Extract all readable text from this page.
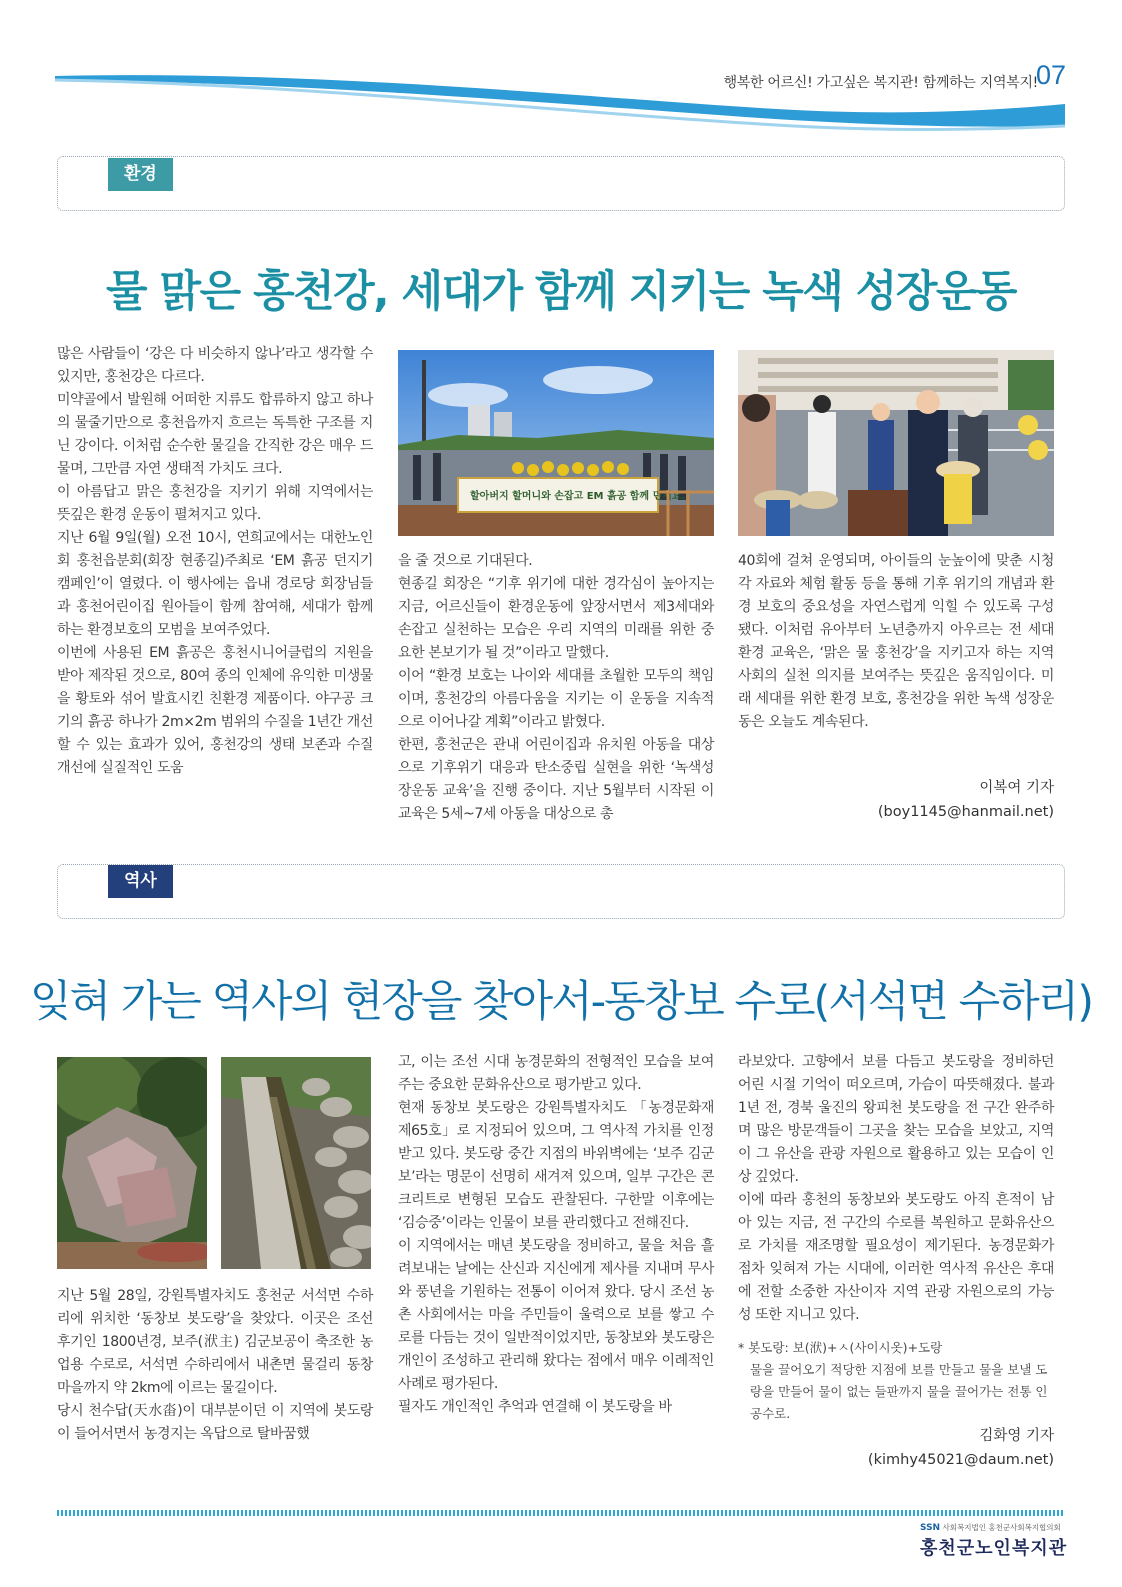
행복한 어르신! 가고싶은 복지관! 함께하는 지역복지!
07
환경
물 맑은 홍천강, 세대가 함께 지키는 녹색 성장운동

많은 사람들이 ‘강은 다 비슷하지 않나’라고 생각할 수 있지만, 홍천강은 다르다.

미약골에서 발원해 어떠한 지류도 합류하지 않고 하나의 물줄기만으로 홍천읍까지 흐르는 독특한 구조를 지닌 강이다. 이처럼 순수한 물길을 간직한 강은 매우 드물며, 그만큼 자연 생태적 가치도 크다.

이 아름답고 맑은 홍천강을 지키기 위해 지역에서는 뜻깊은 환경 운동이 펼쳐지고 있다.

지난 6월 9일(월) 오전 10시, 연희교에서는 대한노인회 홍천읍분회(회장 현종길)주최로 ‘EM 흙공 던지기 캠페인’이 열렸다. 이 행사에는 읍내 경로당 회장님들과 홍천어린이집 원아들이 함께 참여해, 세대가 함께하는 환경보호의 모범을 보여주었다.

이번에 사용된 EM 흙공은 홍천시니어클럽의 지원을 받아 제작된 것으로, 80여 종의 인체에 유익한 미생물을 황토와 섞어 발효시킨 친환경 제품이다. 야구공 크기의 흙공 하나가 2m×2m 범위의 수질을 1년간 개선할 수 있는 효과가 있어, 홍천강의 생태 보존과 수질 개선에 실질적인 도움

할아버지 할머니와 손잡고 EM 흙공 함께 던져요.

을 줄 것으로 기대된다.

현종길 회장은 “기후 위기에 대한 경각심이 높아지는 지금, 어르신들이 환경운동에 앞장서면서 제3세대와 손잡고 실천하는 모습은 우리 지역의 미래를 위한 중요한 본보기가 될 것”이라고 말했다.

이어 “환경 보호는 나이와 세대를 초월한 모두의 책임이며, 홍천강의 아름다움을 지키는 이 운동을 지속적으로 이어나갈 계획”이라고 밝혔다.

한편, 홍천군은 관내 어린이집과 유치원 아동을 대상으로 기후위기 대응과 탄소중립 실현을 위한 ‘녹색성장운동 교육’을 진행 중이다. 지난 5월부터 시작된 이 교육은 5세~7세 아동을 대상으로 총

40회에 걸쳐 운영되며, 아이들의 눈높이에 맞춘 시청각 자료와 체험 활동 등을 통해 기후 위기의 개념과 환경 보호의 중요성을 자연스럽게 익힐 수 있도록 구성 됐다. 이처럼 유아부터 노년층까지 아우르는 전 세대 환경 교육은, ‘맑은 물 홍천강’을 지키고자 하는 지역사회의 실천 의지를 보여주는 뜻깊은 움직임이다. 미래 세대를 위한 환경 보호, 홍천강을 위한 녹색 성장운동은 오늘도 계속된다.

이복여 기자
(boy1145@hanmail.net)
역사
잊혀 가는 역사의 현장을 찾아서-동창보 수로(서석면 수하리)

지난 5월 28일, 강원특별자치도 홍천군 서석면 수하리에 위치한 ‘동창보 봇도랑’을 찾았다. 이곳은 조선 후기인 1800년경, 보주(洑主) 김군보공이 축조한 농업용 수로로, 서석면 수하리에서 내촌면 물걸리 동창마을까지 약 2km에 이르는 물길이다.

당시 천수답(天水畓)이 대부분이던 이 지역에 봇도랑이 들어서면서 농경지는 옥답으로 탈바꿈했

고, 이는 조선 시대 농경문화의 전형적인 모습을 보여주는 중요한 문화유산으로 평가받고 있다.

현재 동창보 봇도랑은 강원특별자치도 「농경문화재 제65호」로 지정되어 있으며, 그 역사적 가치를 인정받고 있다. 봇도랑 중간 지점의 바위벽에는 ‘보주 김군보’라는 명문이 선명히 새겨져 있으며, 일부 구간은 콘크리트로 변형된 모습도 관찰된다. 구한말 이후에는 ‘김승중’이라는 인물이 보를 관리했다고 전해진다.

이 지역에서는 매년 봇도랑을 정비하고, 물을 처음 흘려보내는 날에는 산신과 지신에게 제사를 지내며 무사와 풍년을 기원하는 전통이 이어져 왔다. 당시 조선 농촌 사회에서는 마을 주민들이 울력으로 보를 쌓고 수로를 다듬는 것이 일반적이었지만, 동창보와 봇도랑은 개인이 조성하고 관리해 왔다는 점에서 매우 이례적인 사례로 평가된다.

필자도 개인적인 추억과 연결해 이 봇도랑을 바

라보았다. 고향에서 보를 다듬고 봇도랑을 정비하던 어린 시절 기억이 떠오르며, 가슴이 따뜻해졌다. 불과 1년 전, 경북 울진의 왕피천 봇도랑을 전 구간 완주하며 많은 방문객들이 그곳을 찾는 모습을 보았고, 지역이 그 유산을 관광 자원으로 활용하고 있는 모습이 인상 깊었다.

이에 따라 홍천의 동창보와 봇도랑도 아직 흔적이 남아 있는 지금, 전 구간의 수로를 복원하고 문화유산으로 가치를 재조명할 필요성이 제기된다. 농경문화가 점차 잊혀져 가는 시대에, 이러한 역사적 유산은 후대에 전할 소중한 자산이자 지역 관광 자원으로의 가능성 또한 지니고 있다.

* 봇도랑: 보(洑)+ㅅ(사이시옷)+도랑
물을 끌어오기 적당한 지점에 보를 만들고 물을 보낼 도랑을 만들어 물이 없는 들판까지 물을 끌어가는 전통 인공수로.
김화영 기자
(kimhy45021@daum.net)
SSN 사회복지법인 홍천군사회복지협의회
홍천군노인복지관
